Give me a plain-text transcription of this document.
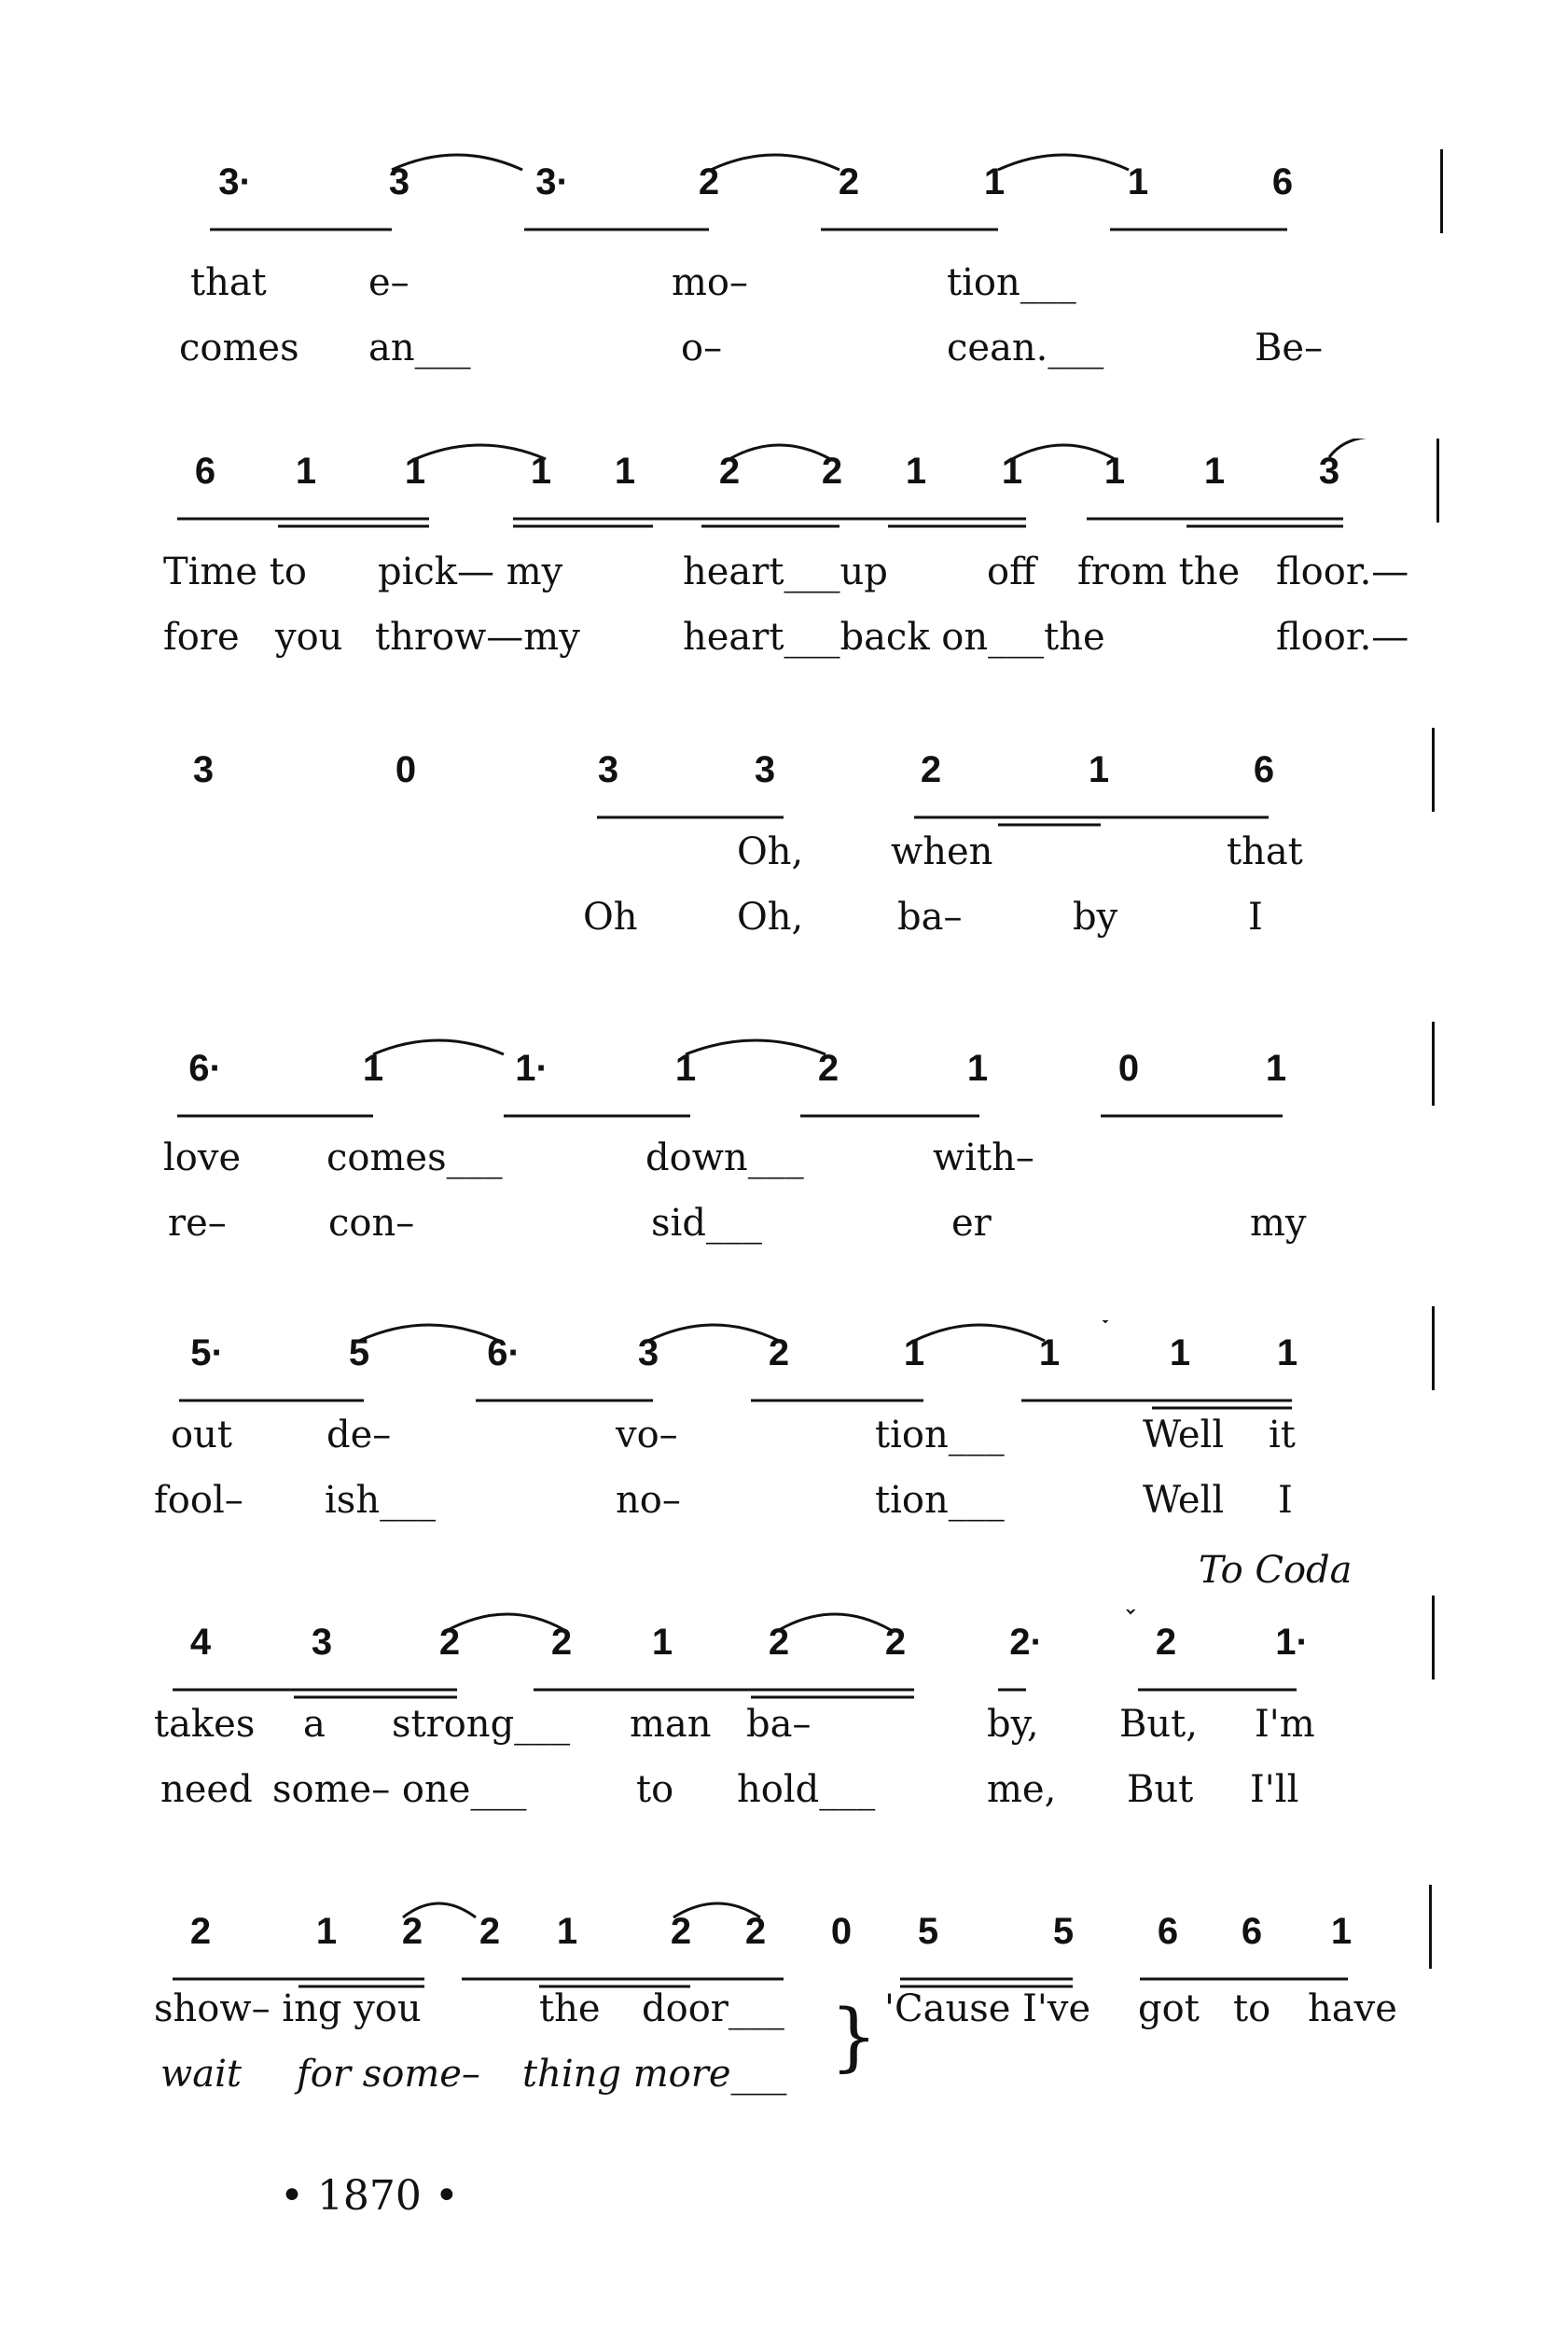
3·	3	3·	2	2	1	1	6
that	e–	mo–	tion___
comes an___	o–	cean.___	Be–
6	1	1	1	1	2	2	1	1	1	1	3
Time to pick— my	heart___up	off from the floor.—
fore you throw—my	heart___back on___the	floor.—
3	0	3	3	2	1	6
Oh, when	that
Oh	Oh,	ba–	by	I
6·	1	1·	1	2	1	0	1
love comes___	down___	with–
re–	con–	sid___	er	my
5·	5	6·	3	2	1	1	1	1
out	de–	vo–	tion___	Well it
fool– ish___	no–	tion___	Well I
To Coda
4	3	2	2	1	2	2	2·	2	1·
takes a strong___ man ba–	by, But, I'm
need some– one___	to hold___	me, But I'll
2	1	2	2	1	2	2	0	5	5	6	6	1
show– ing you	the door___	'Cause I've got to have
wait for some– thing more___ }
• 1870 •
